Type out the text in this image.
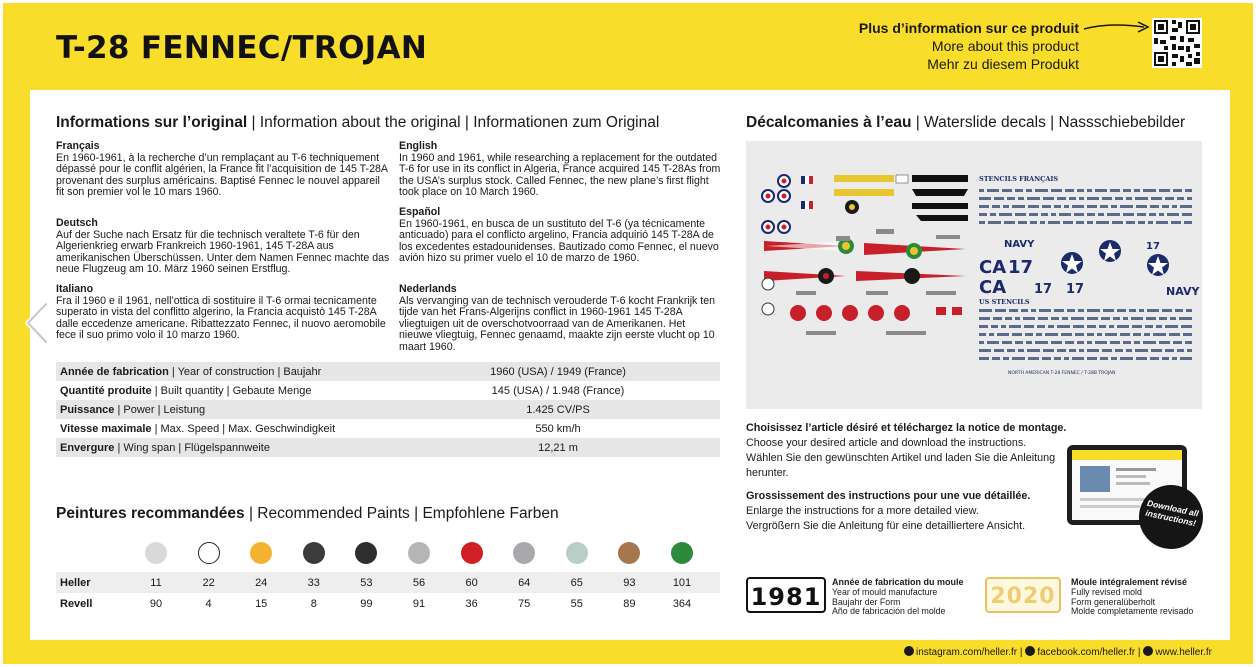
T-28 FENNEC/TROJAN
Plus d’information sur ce produit
More about this product
Mehr zu diesem Produkt
Informations sur l’original | Information about the original | Informationen zum Original
Français
En 1960-1961, à la recherche d’un remplaçant au T-6 techniquement dépassé pour le conflit algérien, la France fit l’acquisition de 145 T-28A provenant des surplus américains. Baptisé Fennec le nouvel appareil fit son premier vol le 10 mars 1960.
Deutsch
Auf der Suche nach Ersatz für die technisch veraltete T-6 für den Algerienkrieg erwarb Frankreich 1960-1961, 145 T-28A aus amerikanischen Überschüssen. Unter dem Namen Fennec machte das neue Flugzeug am 10. März 1960 seinen Erstflug.
Italiano
Fra il 1960 e il 1961, nell’ottica di sostituire il T-6 ormai tecnicamente superato in vista del conflitto algerino, la Francia acquistò 145 T-28A dalle eccedenze americane. Ribattezzato Fennec, il nuovo aeromobile fece il suo primo volo il 10 marzo 1960.
English
In 1960 and 1961, while researching a replacement for the outdated T-6 for use in its conflict in Algeria, France acquired 145 T-28As from the USA’s surplus stock. Called Fennec, the new plane’s first flight took place on 10 March 1960.
Español
En 1960-1961, en busca de un sustituto del T-6 (ya técnicamente anticuado) para el conflicto argelino, Francia adquirió 145 T-28A de los excedentes estadounidenses. Bautizado como Fennec, el nuevo avión hizo su primer vuelo el 10 de marzo de 1960.
Nederlands
Als vervanging van de technisch verouderde T-6 kocht Frankrijk ten tijde van het Frans-Algerijns conflict in 1960-1961 145 T-28A vliegtuigen uit de overschotvoorraad van de Amerikanen. Het nieuwe vliegtuig, Fennec genaamd, maakte zijn eerste vlucht op 10 maart 1960.
Année de fabrication | Year of construction | Baujahr	1960 (USA) / 1949 (France)
Quantité produite | Built quantity | Gebaute Menge	145 (USA) / 1.948 (France)
Puissance | Power | Leistung	1.425 CV/PS
Vitesse maximale | Max. Speed | Max. Geschwindigkeit	550 km/h
Envergure | Wing span | Flügelspannweite	12,21 m
Peintures recommandées | Recommended Paints | Empfohlene Farben
Heller	11	22	24	33	53	56	60	64	65	93	101
Revell	90	4	15	8	99	91	36	75	55	89	364
Décalcomanies à l’eau | Waterslide decals | Nassschiebebilder
STENCILS FRANÇAIS
NAVY	17
CA 17
CA 17 17	NAVY
US STENCILS
NORTH AMERICAN T-28 FENNEC / T-28B TROJAN
Choisissez l’article désiré et téléchargez la notice de montage.
Choose your desired article and download the instructions.
Wählen Sie den gewünschten Artikel und laden Sie die Anleitung herunter.
Grossissement des instructions pour une vue détaillée.
Enlarge the instructions for a more detailed view.
Vergrößern Sie die Anleitung für eine detailliertere Ansicht.
Download all instructions!
1981
Année de fabrication du moule
Year of mould manufacture
Baujahr der Form
Año de fabricación del molde
2020
Moule intégralement révisé
Fully revised mold
Form generalüberholt
Molde completamente revisado
instagram.com/heller.fr | facebook.com/heller.fr | www.heller.fr
